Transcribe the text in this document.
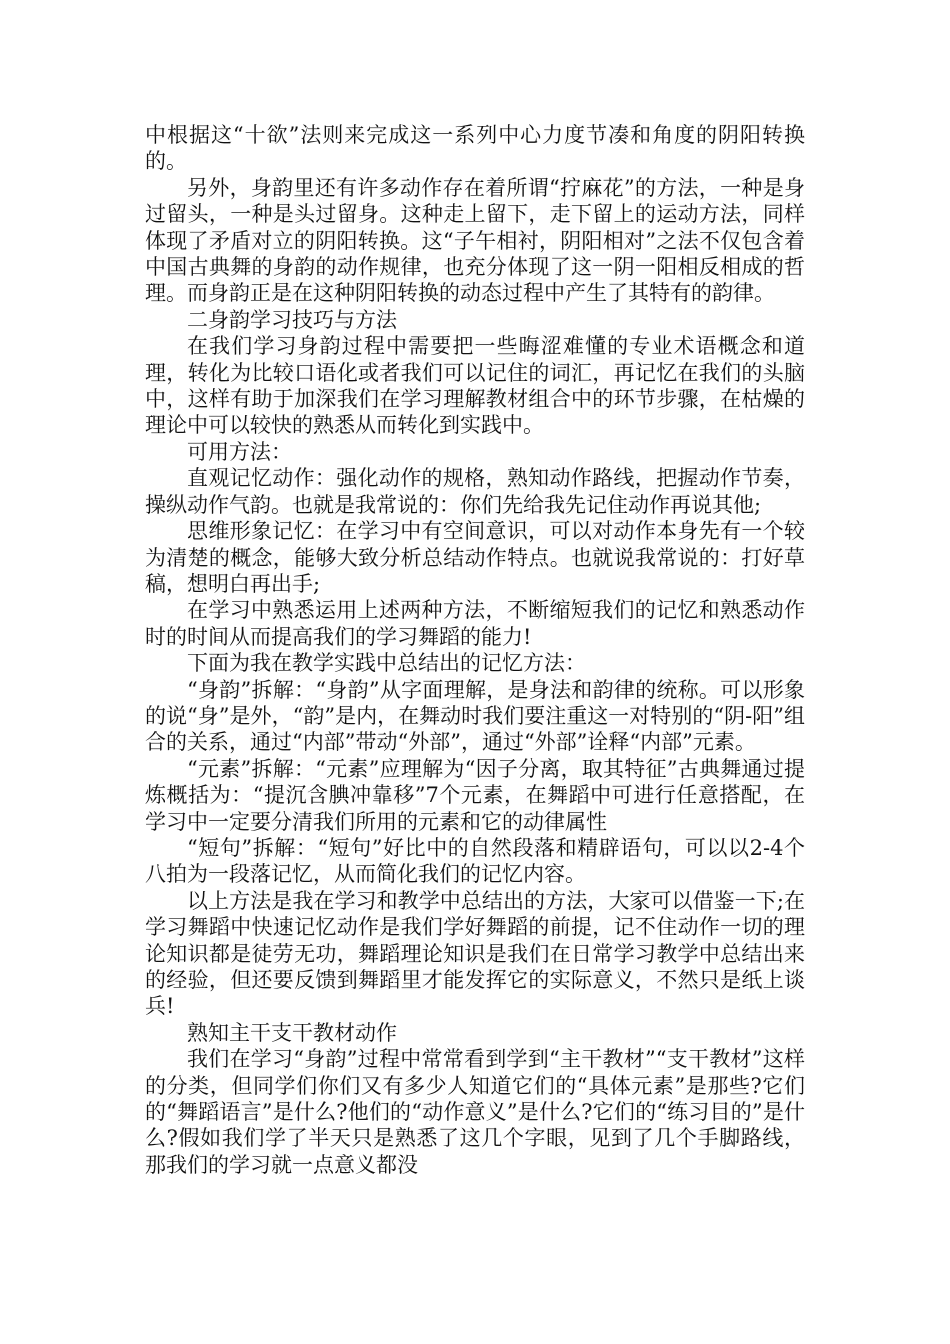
中根据这“十欲”法则来完成这一系列中心力度节凑和角度的阴阳转换的。

另外，身韵里还有许多动作存在着所谓“拧麻花”的方法，一种是身过留头，一种是头过留身。这种走上留下，走下留上的运动方法，同样体现了矛盾对立的阴阳转换。这“子午相衬，阴阳相对”之法不仅包含着中国古典舞的身韵的动作规律，也充分体现了这一阴一阳相反相成的哲理。而身韵正是在这种阴阳转换的动态过程中产生了其特有的韵律。

二身韵学习技巧与方法

在我们学习身韵过程中需要把一些晦涩难懂的专业术语概念和道理，转化为比较口语化或者我们可以记住的词汇，再记忆在我们的头脑中，这样有助于加深我们在学习理解教材组合中的环节步骤，在枯燥的理论中可以较快的熟悉从而转化到实践中。

可用方法：

直观记忆动作：强化动作的规格，熟知动作路线，把握动作节奏，操纵动作气韵。也就是我常说的：你们先给我先记住动作再说其他;

思维形象记忆：在学习中有空间意识，可以对动作本身先有一个较为清楚的概念，能够大致分析总结动作特点。也就说我常说的：打好草稿，想明白再出手;

在学习中熟悉运用上述两种方法，不断缩短我们的记忆和熟悉动作时的时间从而提高我们的学习舞蹈的能力!

下面为我在教学实践中总结出的记忆方法：

“身韵”拆解：“身韵”从字面理解，是身法和韵律的统称。可以形象的说“身”是外，“韵”是内，在舞动时我们要注重这一对特别的“阴-阳”组合的关系，通过“内部”带动“外部”，通过“外部”诠释“内部”元素。

“元素”拆解：“元素”应理解为“因子分离，取其特征”古典舞通过提炼概括为：“提沉含腆冲靠移”7个元素，在舞蹈中可进行任意搭配，在学习中一定要分清我们所用的元素和它的动律属性

“短句”拆解：“短句”好比中的自然段落和精辟语句，可以以2-4个八拍为一段落记忆，从而简化我们的记忆内容。

以上方法是我在学习和教学中总结出的方法，大家可以借鉴一下;在学习舞蹈中快速记忆动作是我们学好舞蹈的前提，记不住动作一切的理论知识都是徒劳无功，舞蹈理论知识是我们在日常学习教学中总结出来的经验，但还要反馈到舞蹈里才能发挥它的实际意义，不然只是纸上谈兵!

熟知主干支干教材动作

我们在学习“身韵”过程中常常看到学到“主干教材”“支干教材”这样的分类，但同学们你们又有多少人知道它们的“具体元素”是那些?它们的“舞蹈语言”是什么?他们的“动作意义”是什么?它们的“练习目的”是什么?假如我们学了半天只是熟悉了这几个字眼，见到了几个手脚路线，那我们的学习就一点意义都没
